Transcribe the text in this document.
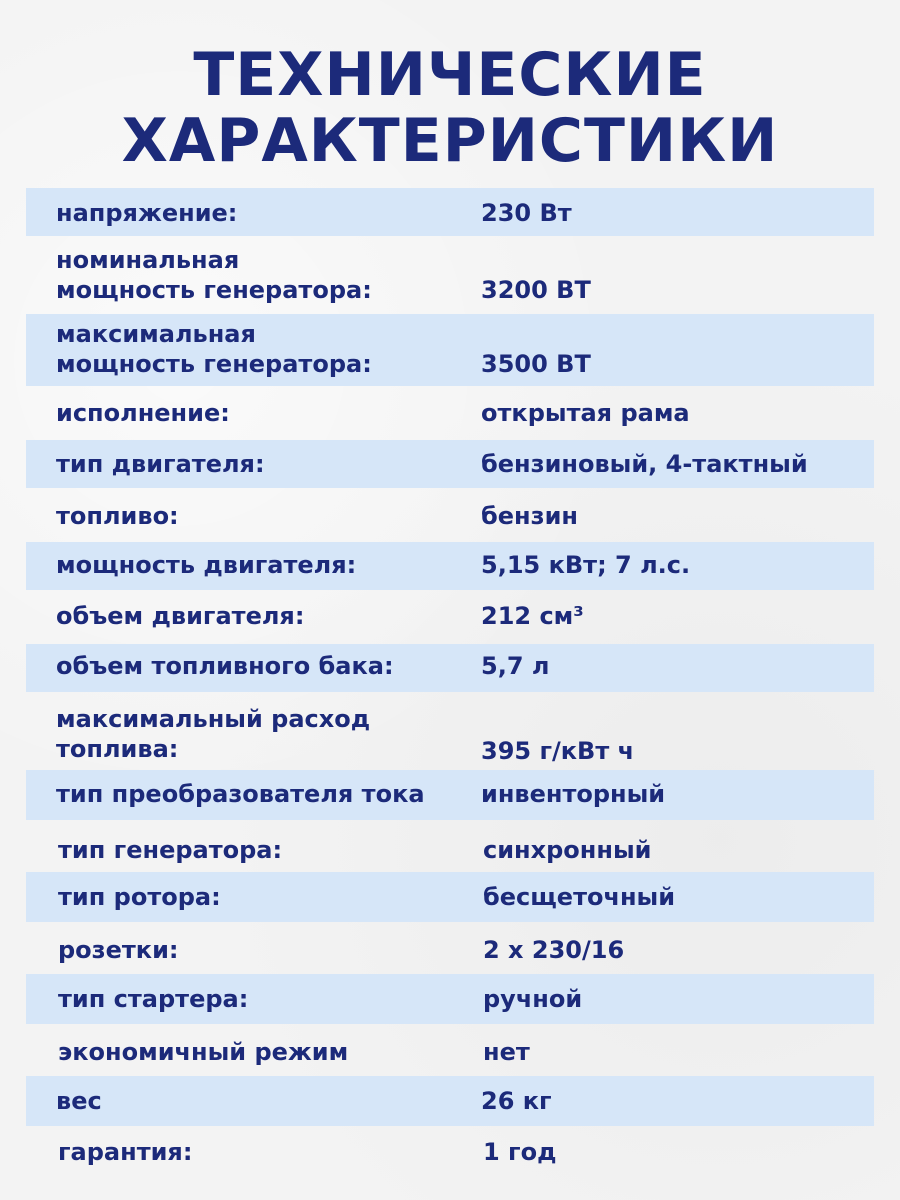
ТЕХНИЧЕСКИЕ
ХАРАКТЕРИСТИКИ
напряжение:	230 Вт
номинальная
мощность генератора:	3200 ВТ
максимальная
мощность генератора:	3500 ВТ
исполнение:	открытая рама
тип двигателя:	бензиновый, 4-тактный
топливо:	бензин
мощность двигателя:	5,15 кВт; 7 л.с.
объем двигателя:	212 см³
объем топливного бака:	5,7 л
максимальный расход
топлива:	395 г/кВт ч
тип преобразователя тока	инвенторный
тип генератора:	синхронный
тип ротора:	бесщеточный
розетки:	2 х 230/16
тип стартера:	ручной
экономичный режим	нет
вес	26 кг
гарантия:	1 год
